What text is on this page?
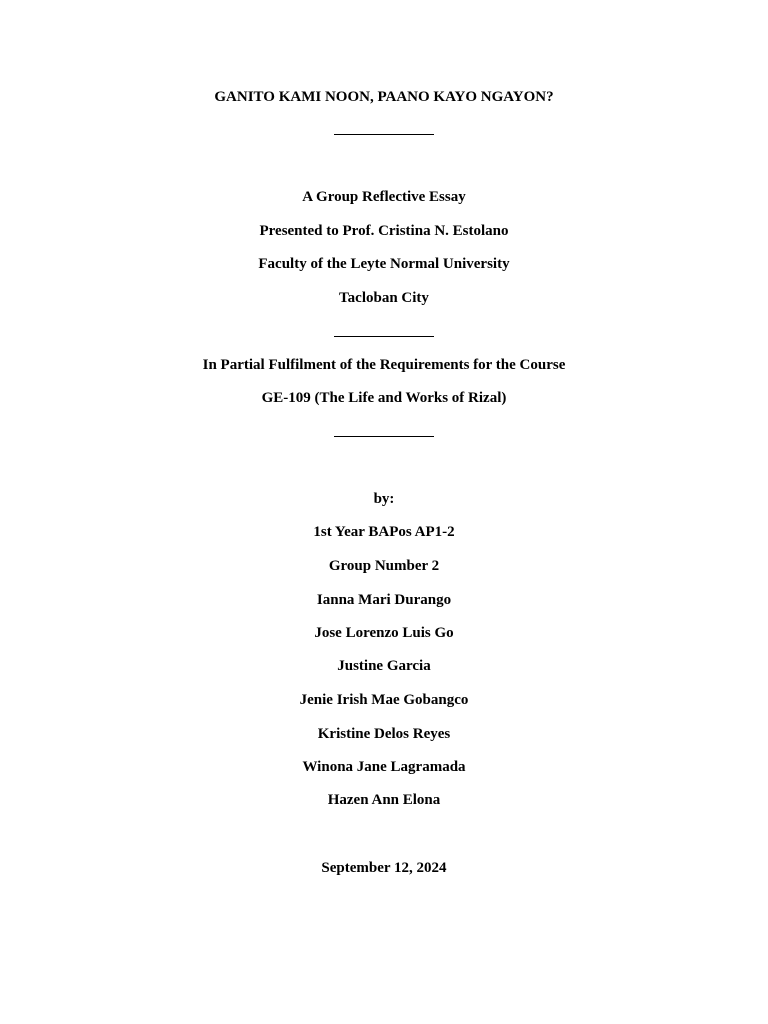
GANITO KAMI NOON, PAANO KAYO NGAYON?
A Group Reflective Essay
Presented to Prof. Cristina N. Estolano
Faculty of the Leyte Normal University
Tacloban City
In Partial Fulfilment of the Requirements for the Course
GE-109 (The Life and Works of Rizal)
by:
1st Year BAPos AP1-2
Group Number 2
Ianna Mari Durango
Jose Lorenzo Luis Go
Justine Garcia
Jenie Irish Mae Gobangco
Kristine Delos Reyes
Winona Jane Lagramada
Hazen Ann Elona
September 12, 2024
